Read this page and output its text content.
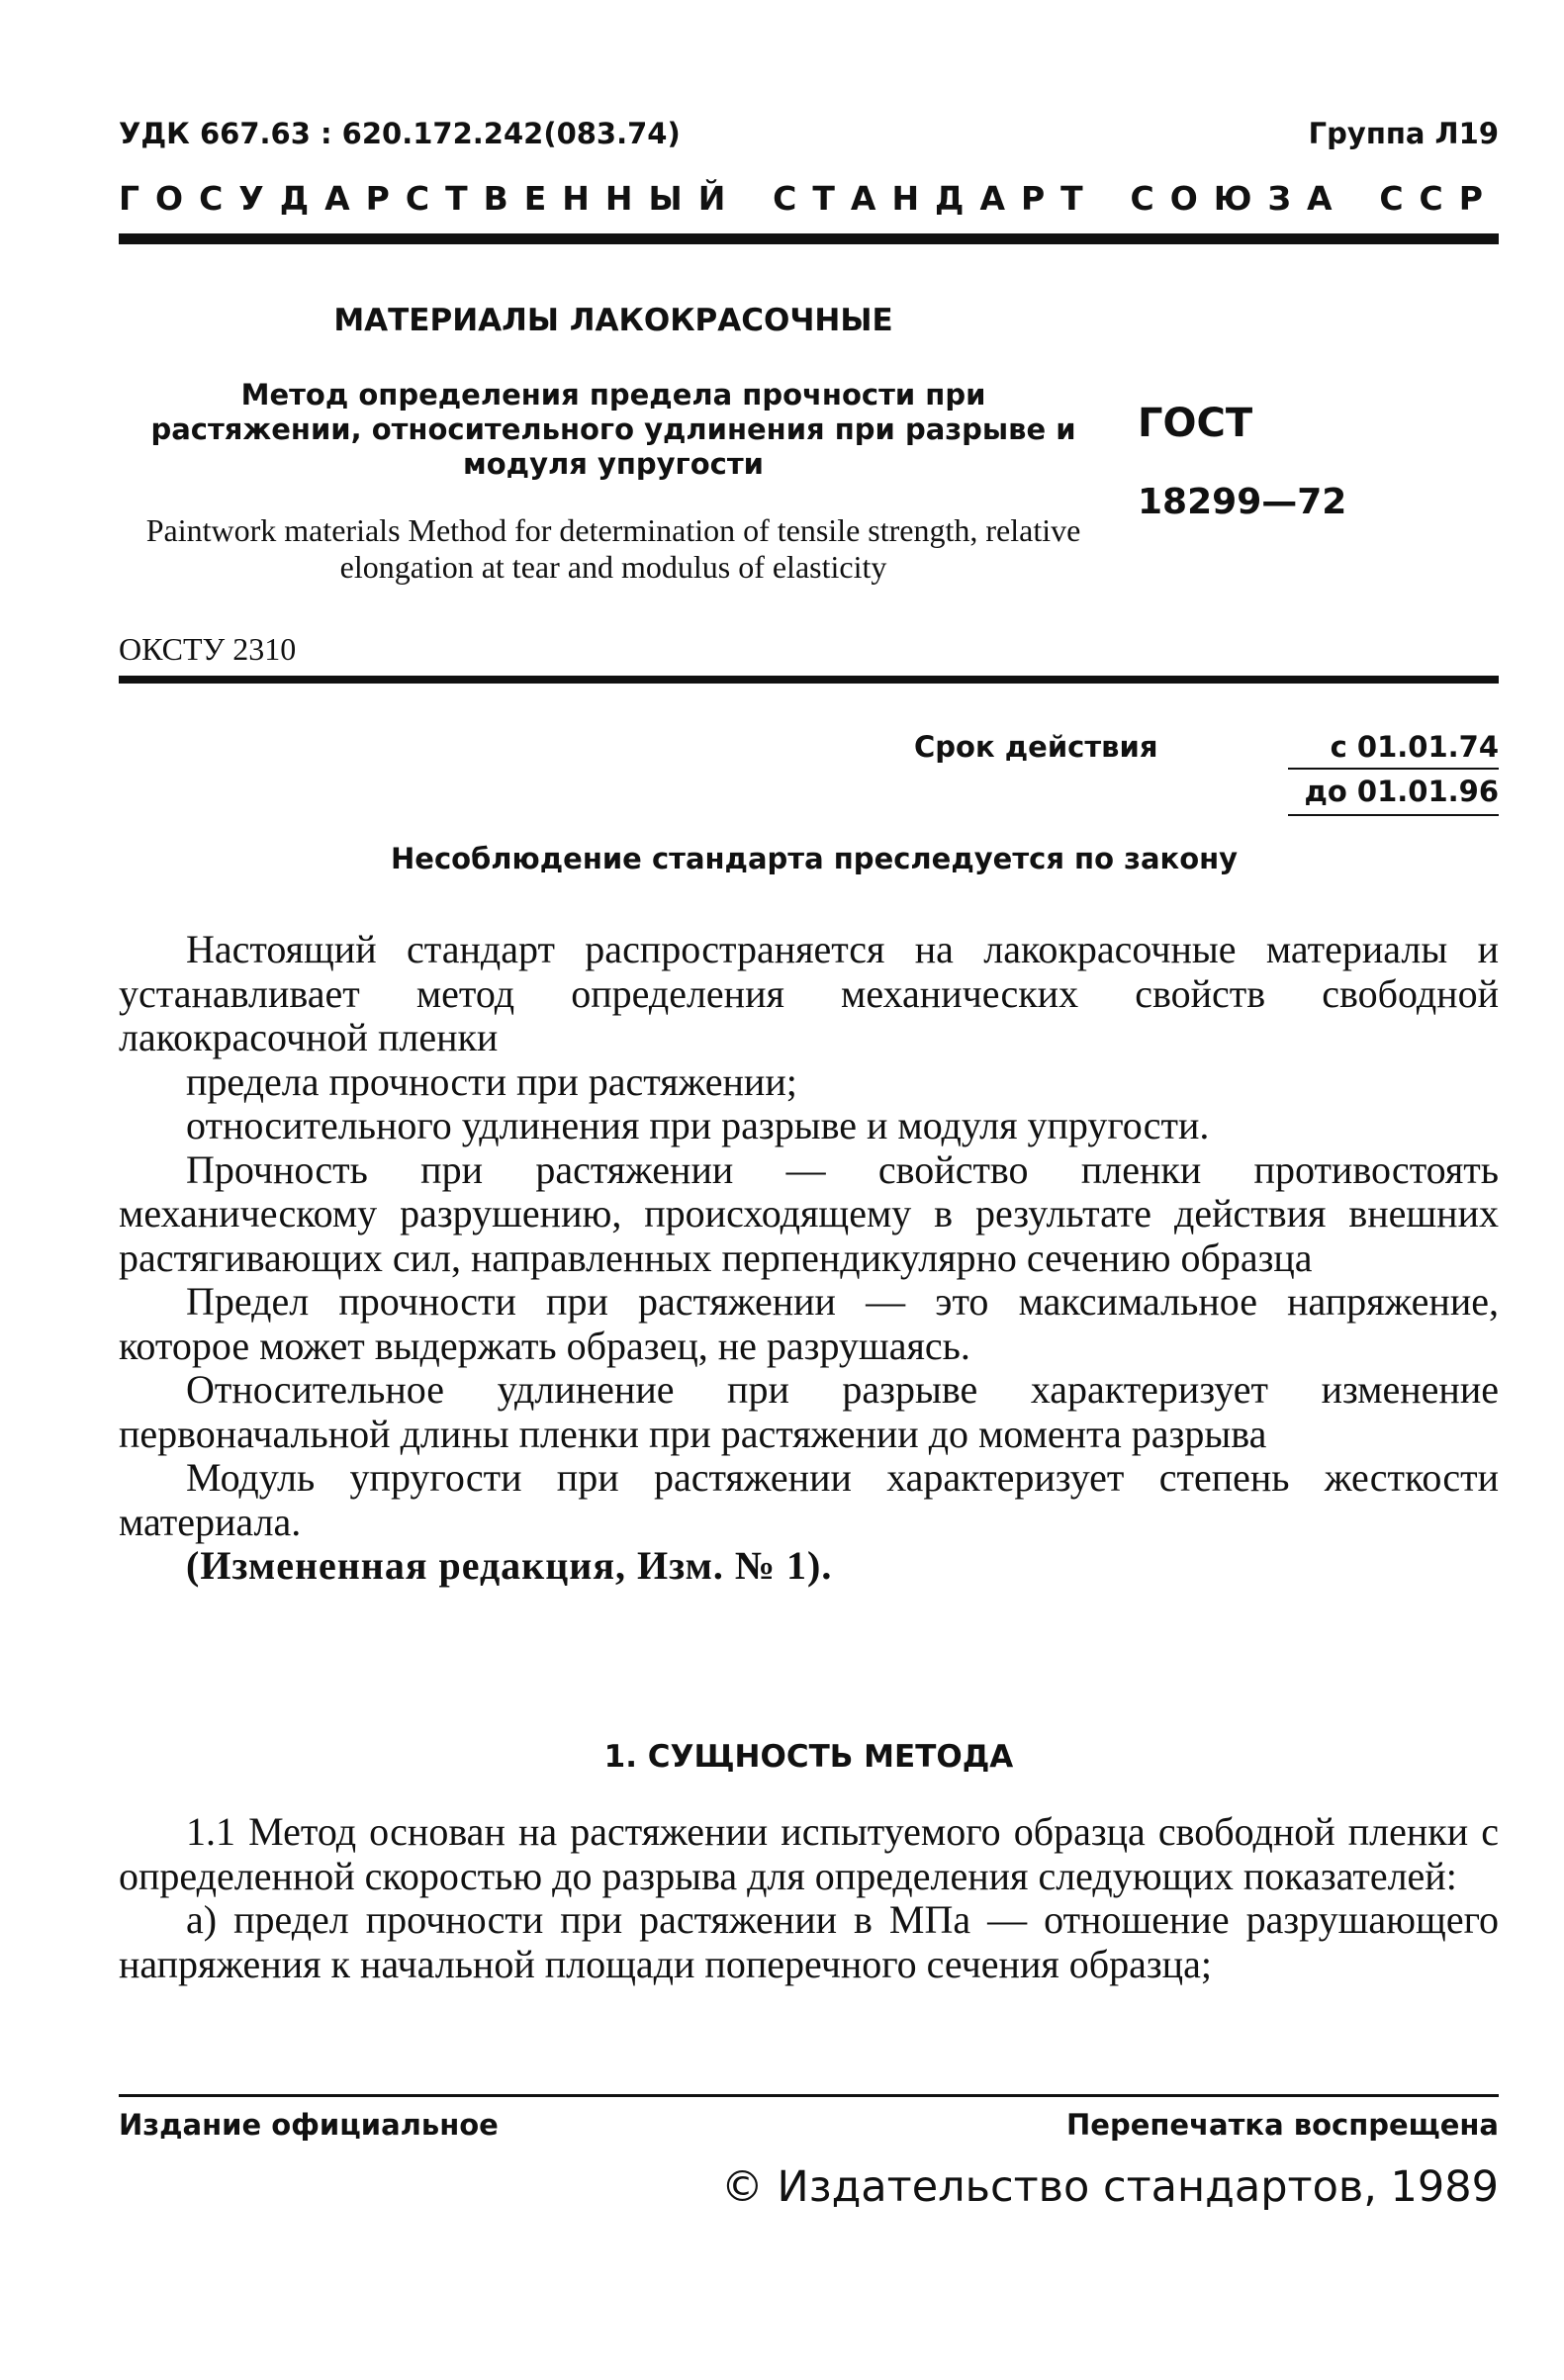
УДК 667.63 : 620.172.242(083.74)	Группа Л19
ГОСУДАРСТВЕННЫЙ СТАНДАРТ СОЮЗА ССР
МАТЕРИАЛЫ ЛАКОКРАСОЧНЫЕ
Метод определения предела прочности при растяжении, относительного удлинения при разрыве и модуля упругости
Paintwork materials Method for determination of tensile strength, relative elongation at tear and modulus of elasticity
ГОСТ
18299—72
ОКСТУ 2310
Срок действия	с 01.01.74
до 01.01.96
Несоблюдение стандарта преследуется по закону

Настоящий стандарт распространяется на лакокрасочные материалы и устанавливает метод определения механических свойств свободной лакокрасочной пленки

предела прочности при растяжении;

относительного удлинения при разрыве и модуля упругости.

Прочность при растяжении — свойство пленки противостоять механическому разрушению, происходящему в результате действия внешних растягивающих сил, направленных перпендикулярно сечению образца

Предел прочности при растяжении — это максимальное напряжение, которое может выдержать образец, не разрушаясь.

Относительное удлинение при разрыве характеризует изменение первоначальной длины пленки при растяжении до момента разрыва

Модуль упругости при растяжении характеризует степень жесткости материала.

(Измененная редакция, Изм. № 1).

1. СУЩНОСТЬ МЕТОДА

1.1 Метод основан на растяжении испытуемого образца свободной пленки с определенной скоростью до разрыва для определения следующих показателей:

а) предел прочности при растяжении в МПа — отношение разрушающего напряжения к начальной площади поперечного сечения образца;

Издание официальное	Перепечатка воспрещена
© Издательство стандартов, 1989
